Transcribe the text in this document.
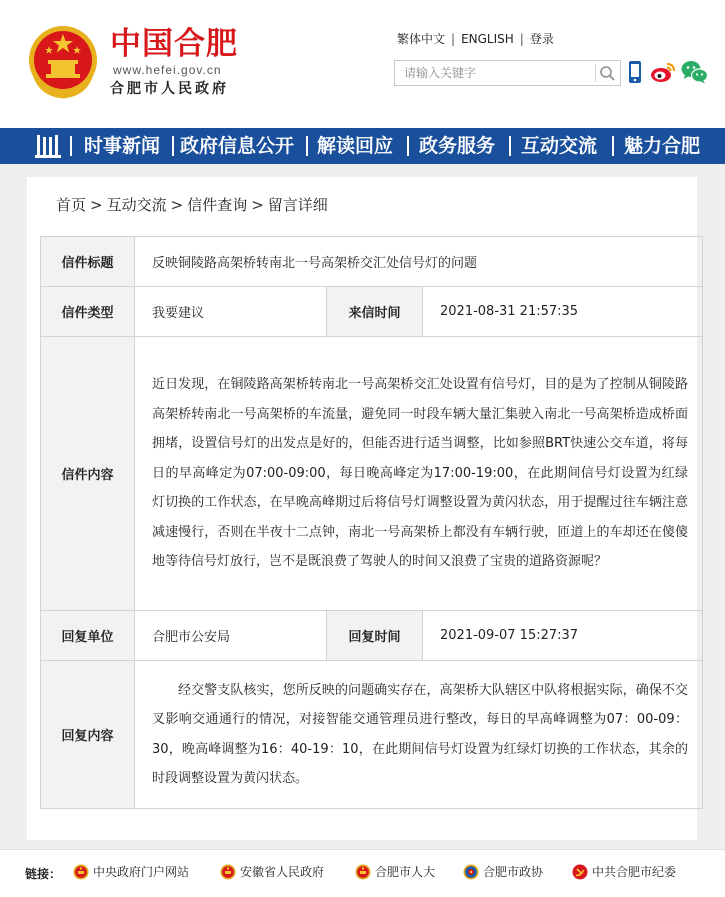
中国合肥
www.hefei.gov.cn
合肥市人民政府
繁体中文 | ENGLISH | 登录
请输入关键字
时事新闻 政府信息公开 解读回应 政务服务 互动交流 魅力合肥
首页 > 互动交流 > 信件查询 > 留言详细
信件标题	反映铜陵路高架桥转南北一号高架桥交汇处信号灯的问题		
信件类型	我要建议	来信时间	2021-08-31 21:57:35
信件内容	近日发现，在铜陵路高架桥转南北一号高架桥交汇处设置有信号灯，目的是为了控制从铜陵路高架桥转南北一号高架桥的车流量，避免同一时段车辆大量汇集驶入南北一号高架桥造成桥面拥堵，设置信号灯的出发点是好的，但能否进行适当调整，比如参照BRT快速公交车道，将每日的早高峰定为07:00-09:00，每日晚高峰定为17:00-19:00，在此期间信号灯设置为红绿灯切换的工作状态，在早晚高峰期过后将信号灯调整设置为黄闪状态，用于提醒过往车辆注意减速慢行，否则在半夜十二点钟，南北一号高架桥上都没有车辆行驶，匝道上的车却还在傻傻地等待信号灯放行，岂不是既浪费了驾驶人的时间又浪费了宝贵的道路资源呢？		
回复单位	合肥市公安局	回复时间	2021-09-07 15:27:37
回复内容	经交警支队核实，您所反映的问题确实存在，高架桥大队辖区中队将根据实际，确保不交叉影响交通通行的情况，对接智能交通管理员进行整改，每日的早高峰调整为07：00-09：30，晚高峰调整为16：40-19：10，在此期间信号灯设置为红绿灯切换的工作状态，其余的时段调整设置为黄闪状态。		
链接：	中央政府门户网站	安徽省人民政府	合肥市人大	合肥市政协	中共合肥市纪委
